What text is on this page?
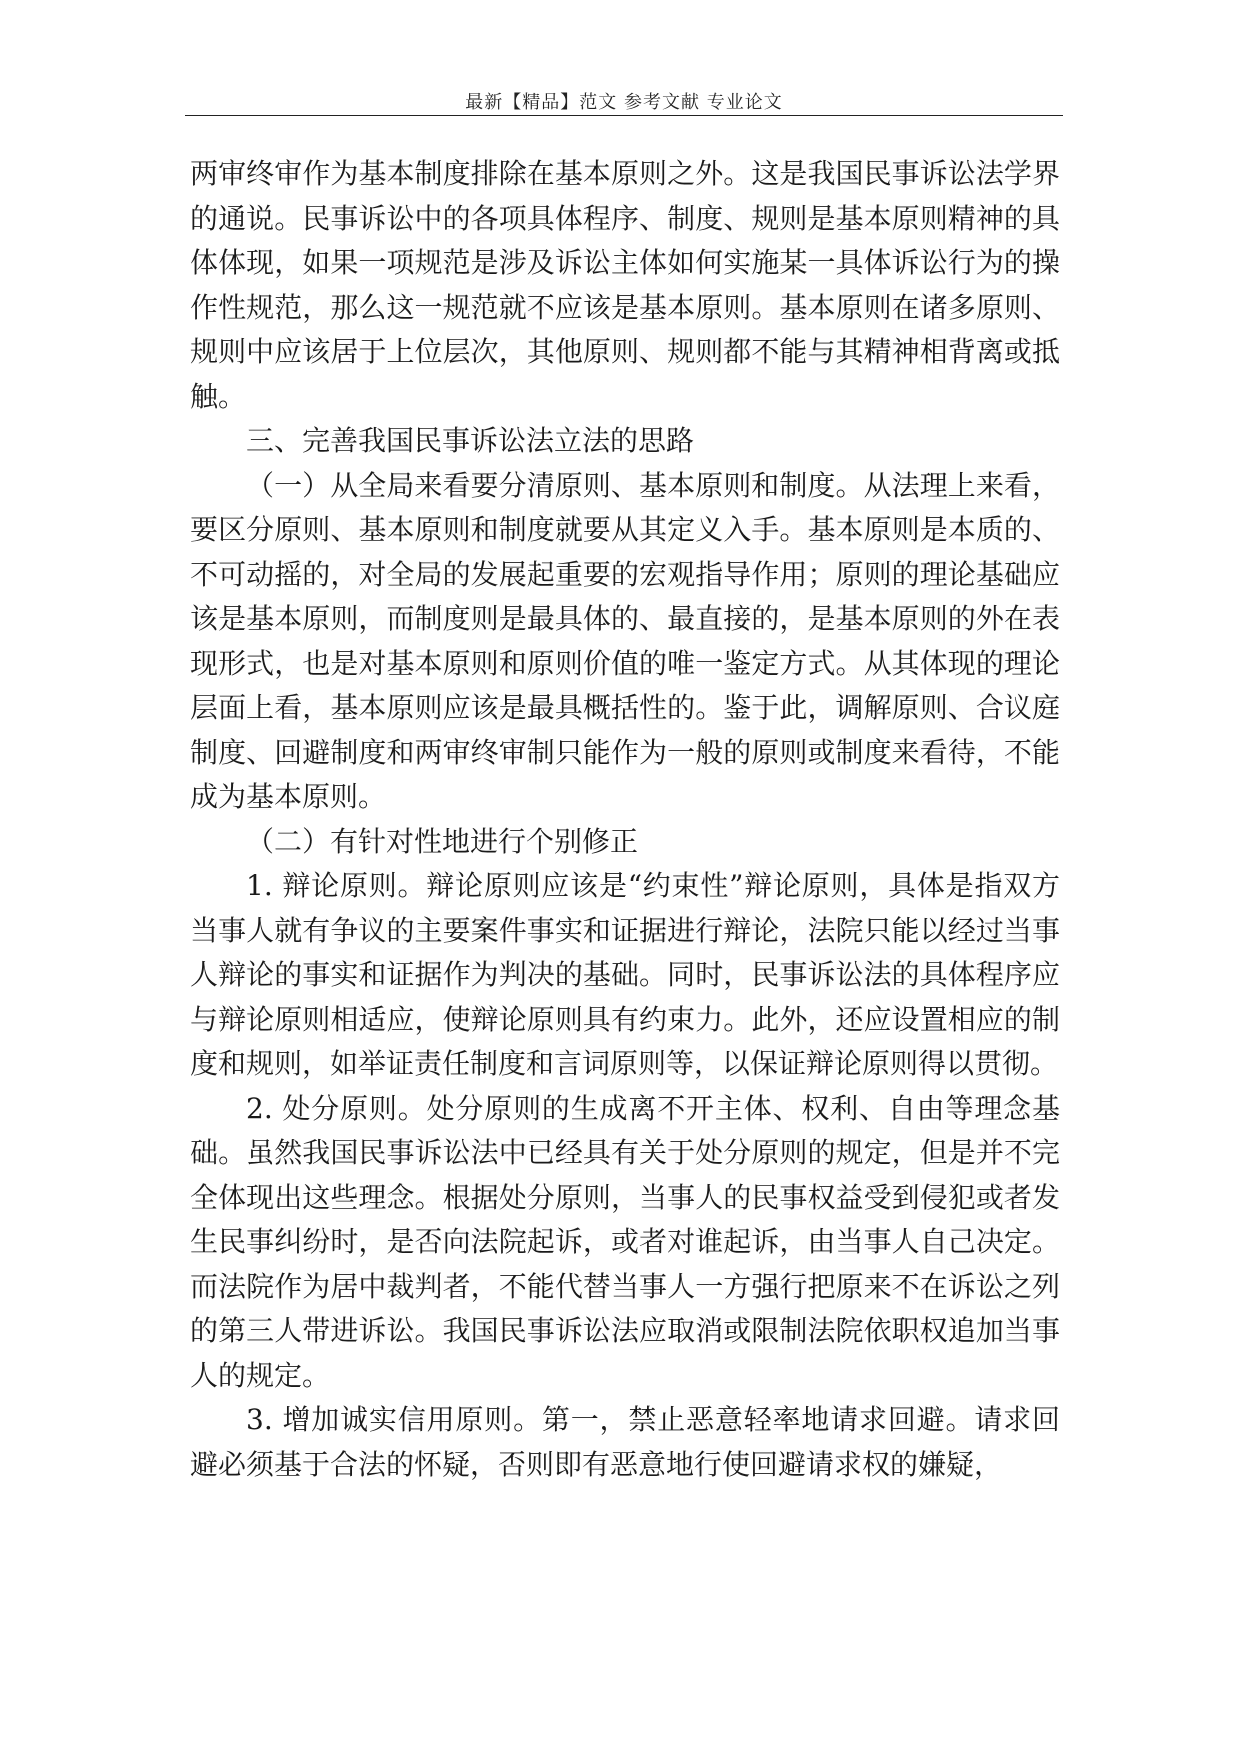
最新【精品】范文 参考文献 专业论文

两审终审作为基本制度排除在基本原则之外。这是我国民事诉讼法学界的通说。民事诉讼中的各项具体程序、制度、规则是基本原则精神的具体体现，如果一项规范是涉及诉讼主体如何实施某一具体诉讼行为的操作性规范，那么这一规范就不应该是基本原则。基本原则在诸多原则、规则中应该居于上位层次，其他原则、规则都不能与其精神相背离或抵触。

三、完善我国民事诉讼法立法的思路

（一）从全局来看要分清原则、基本原则和制度。从法理上来看，要区分原则、基本原则和制度就要从其定义入手。基本原则是本质的、不可动摇的，对全局的发展起重要的宏观指导作用；原则的理论基础应该是基本原则，而制度则是最具体的、最直接的，是基本原则的外在表现形式，也是对基本原则和原则价值的唯一鉴定方式。从其体现的理论层面上看，基本原则应该是最具概括性的。鉴于此，调解原则、合议庭制度、回避制度和两审终审制只能作为一般的原则或制度来看待，不能成为基本原则。

（二）有针对性地进行个别修正

1. 辩论原则。辩论原则应该是“约束性”辩论原则，具体是指双方当事人就有争议的主要案件事实和证据进行辩论，法院只能以经过当事人辩论的事实和证据作为判决的基础。同时，民事诉讼法的具体程序应与辩论原则相适应，使辩论原则具有约束力。此外，还应设置相应的制度和规则，如举证责任制度和言词原则等，以保证辩论原则得以贯彻。

2. 处分原则。处分原则的生成离不开主体、权利、自由等理念基础。虽然我国民事诉讼法中已经具有关于处分原则的规定，但是并不完全体现出这些理念。根据处分原则，当事人的民事权益受到侵犯或者发生民事纠纷时，是否向法院起诉，或者对谁起诉，由当事人自己决定。而法院作为居中裁判者，不能代替当事人一方强行把原来不在诉讼之列的第三人带进诉讼。我国民事诉讼法应取消或限制法院依职权追加当事人的规定。

3. 增加诚实信用原则。第一，禁止恶意轻率地请求回避。请求回避必须基于合法的怀疑，否则即有恶意地行使回避请求权的嫌疑，
